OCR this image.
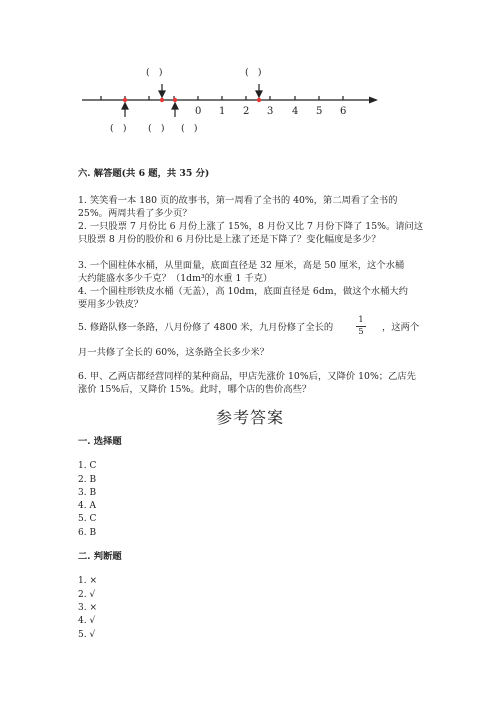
(　)	(　)
(　) (　) (　)
0 1 2 3 4 5 6
六. 解答题(共 6 题，共 35 分)
1. 笑笑看一本 180 页的故事书，第一周看了全书的 40%，第二周看了全书的
25%。两周共看了多少页？
2. 一只股票 7 月份比 6 月份上涨了 15%，8 月份又比 7 月份下降了 15%。请问这
只股票 8 月份的股价和 6 月份比是上涨了还是下降了？变化幅度是多少？
3. 一个圆柱体水桶，从里面量，底面直径是 32 厘米，高是 50 厘米，这个水桶
大约能盛水多少千克？（1dm³的水重 1 千克）
4. 一个圆柱形铁皮水桶（无盖），高 10dm，底面直径是 6dm，做这个水桶大约
要用多少铁皮？
5. 修路队修一条路，八月份修了 4800 米，九月份修了全长的
1
5	，这两个
月一共修了全长的 60%，这条路全长多少米？
6. 甲、乙两店都经营同样的某种商品，甲店先涨价 10%后，又降价 10%；乙店先
涨价 15%后，又降价 15%。此时，哪个店的售价高些？
参考答案
一. 选择题
1. C
2. B
3. B
4. A
5. C
6. B
二. 判断题
1. ×
2. √
3. ×
4. √
5. √
